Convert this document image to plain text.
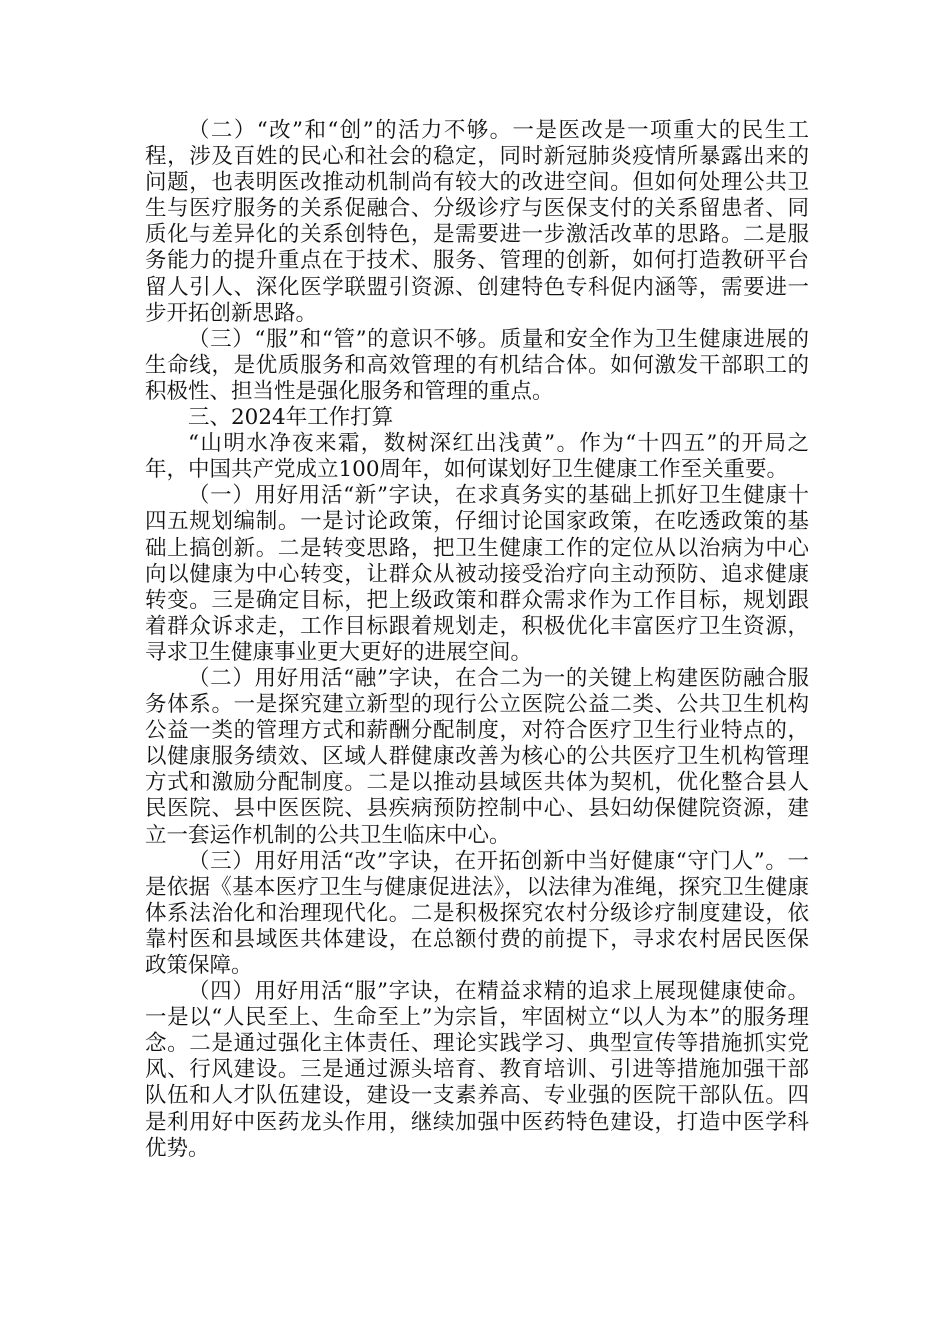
（二）“改”和“创”的活力不够。一是医改是一项重大的民生工程，涉及百姓的民心和社会的稳定，同时新冠肺炎疫情所暴露出来的问题，也表明医改推动机制尚有较大的改进空间。但如何处理公共卫生与医疗服务的关系促融合、分级诊疗与医保支付的关系留患者、同质化与差异化的关系创特色，是需要进一步激活改革的思路。二是服务能力的提升重点在于技术、服务、管理的创新，如何打造教研平台留人引人、深化医学联盟引资源、创建特色专科促内涵等，需要进一步开拓创新思路。

（三）“服”和“管”的意识不够。质量和安全作为卫生健康进展的生命线，是优质服务和高效管理的有机结合体。如何激发干部职工的积极性、担当性是强化服务和管理的重点。

三、2024年工作打算

“山明水净夜来霜，数树深红出浅黄”。作为“十四五”的开局之年，中国共产党成立100周年，如何谋划好卫生健康工作至关重要。

（一）用好用活“新”字诀，在求真务实的基础上抓好卫生健康十四五规划编制。一是讨论政策，仔细讨论国家政策，在吃透政策的基础上搞创新。二是转变思路，把卫生健康工作的定位从以治病为中心向以健康为中心转变，让群众从被动接受治疗向主动预防、追求健康转变。三是确定目标，把上级政策和群众需求作为工作目标，规划跟着群众诉求走，工作目标跟着规划走，积极优化丰富医疗卫生资源，寻求卫生健康事业更大更好的进展空间。

（二）用好用活“融”字诀，在合二为一的关键上构建医防融合服务体系。一是探究建立新型的现行公立医院公益二类、公共卫生机构公益一类的管理方式和薪酬分配制度，对符合医疗卫生行业特点的，以健康服务绩效、区域人群健康改善为核心的公共医疗卫生机构管理方式和激励分配制度。二是以推动县域医共体为契机，优化整合县人民医院、县中医医院、县疾病预防控制中心、县妇幼保健院资源，建立一套运作机制的公共卫生临床中心。

（三）用好用活“改”字诀，在开拓创新中当好健康“守门人”。一是依据《基本医疗卫生与健康促进法》，以法律为准绳，探究卫生健康体系法治化和治理现代化。二是积极探究农村分级诊疗制度建设，依靠村医和县域医共体建设，在总额付费的前提下，寻求农村居民医保政策保障。

（四）用好用活“服”字诀，在精益求精的追求上展现健康使命。一是以“人民至上、生命至上”为宗旨，牢固树立“以人为本”的服务理念。二是通过强化主体责任、理论实践学习、典型宣传等措施抓实党风、行风建设。三是通过源头培育、教育培训、引进等措施加强干部队伍和人才队伍建设，建设一支素养高、专业强的医院干部队伍。四是利用好中医药龙头作用，继续加强中医药特色建设，打造中医学科优势。
